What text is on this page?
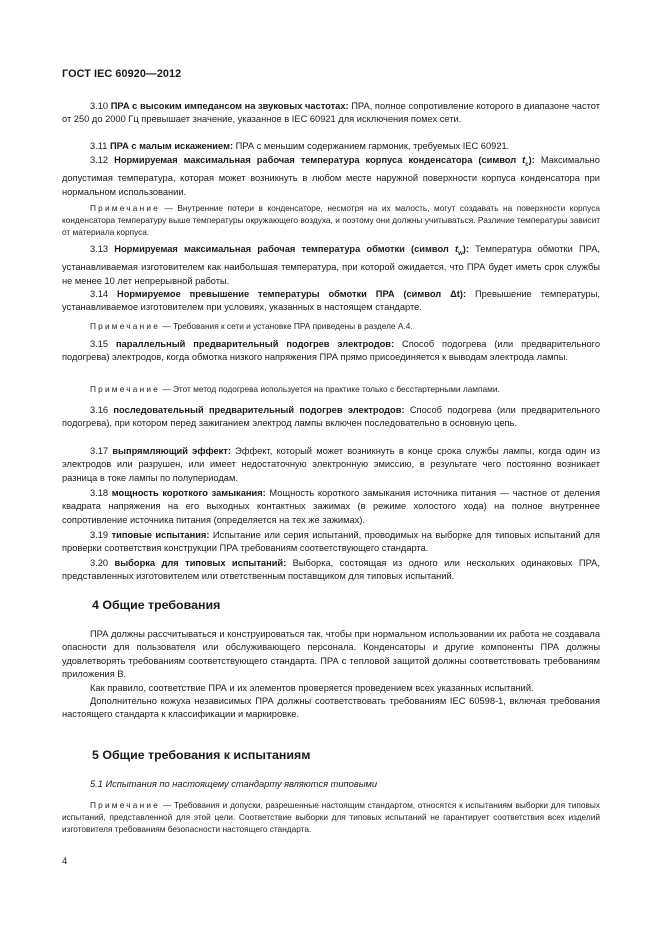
ГОСТ IEC 60920—2012

3.10 ПРА с высоким импедансом на звуковых частотах: ПРА, полное сопротивление которого в диапазоне частот от 250 до 2000 Гц превышает значение, указанное в IEC 60921 для исключения помех сети.

3.11 ПРА с малым искажением: ПРА с меньшим содержанием гармоник, требуемых IEC 60921.

3.12 Нормируемая максимальная рабочая температура корпуса конденсатора (символ $t_c$): Максимально допустимая температура, которая может возникнуть в любом месте наружной поверхности корпуса конденсатора при нормальном использовании.

Примечание — Внутренние потери в конденсаторе, несмотря на их малость, могут создавать на поверхности корпуса конденсатора температуру выше температуры окружающего воздуха, и поэтому они должны учитываться. Различие температуры зависит от материала корпуса.

3.13 Нормируемая максимальная рабочая температура обмотки (символ $t_w$): Температура обмотки ПРА, устанавливаемая изготовителем как наибольшая температура, при которой ожидается, что ПРА будет иметь срок службы не менее 10 лет непрерывной работы.

3.14 Нормируемое превышение температуры обмотки ПРА (символ Δt): Превышение температуры, устанавливаемое изготовителем при условиях, указанных в настоящем стандарте.

Примечание — Требования к сети и установке ПРА приведены в разделе А.4.

3.15 параллельный предварительный подогрев электродов: Способ подогрева (или предварительного подогрева) электродов, когда обмотка низкого напряжения ПРА прямо присоединяется к выводам электрода лампы.

Примечание — Этот метод подогрева используется на практике только с бесстартерными лампами.

3.16 последовательный предварительный подогрев электродов: Способ подогрева (или предварительного подогрева), при котором перед зажиганием электрод лампы включен последовательно в основную цепь.

3.17 выпрямляющий эффект: Эффект, который может возникнуть в конце срока службы лампы, когда один из электродов или разрушен, или имеет недостаточную электронную эмиссию, в результате чего постоянно возникает разница в токе лампы по полупериодам.

3.18 мощность короткого замыкания: Мощность короткого замыкания источника питания — частное от деления квадрата напряжения на его выходных контактных зажимах (в режиме холостого хода) на полное внутреннее сопротивление источника питания (определяется на тех же зажимах).

3.19 типовые испытания: Испытание или серия испытаний, проводимых на выборке для типовых испытаний для проверки соответствия конструкции ПРА требованиям соответствующего стандарта.

3.20 выборка для типовых испытаний: Выборка, состоящая из одного или нескольких одинаковых ПРА, представленных изготовителем или ответственным поставщиком для типовых испытаний.

4 Общие требования

ПРА должны рассчитываться и конструироваться так, чтобы при нормальном использовании их работа не создавала опасности для пользователя или обслуживающего персонала. Конденсаторы и другие компоненты ПРА должны удовлетворять требованиям соответствующего стандарта. ПРА с тепловой защитой должны соответствовать требованиям приложения В.

Как правило, соответствие ПРА и их элементов проверяется проведением всех указанных испытаний.

Дополнительно кожуха независимых ПРА должны соответствовать требованиям IEC 60598-1, включая требования настоящего стандарта к классификации и маркировке.

5 Общие требования к испытаниям

5.1 Испытания по настоящему стандарту являются типовыми

Примечание — Требования и допуски, разрешенные настоящим стандартом, относятся к испытаниям выборки для типовых испытаний, представленной для этой цели. Соответствие выборки для типовых испытаний не гарантирует соответствия всех изделий изготовителя требованиям безопасности настоящего стандарта.

4
